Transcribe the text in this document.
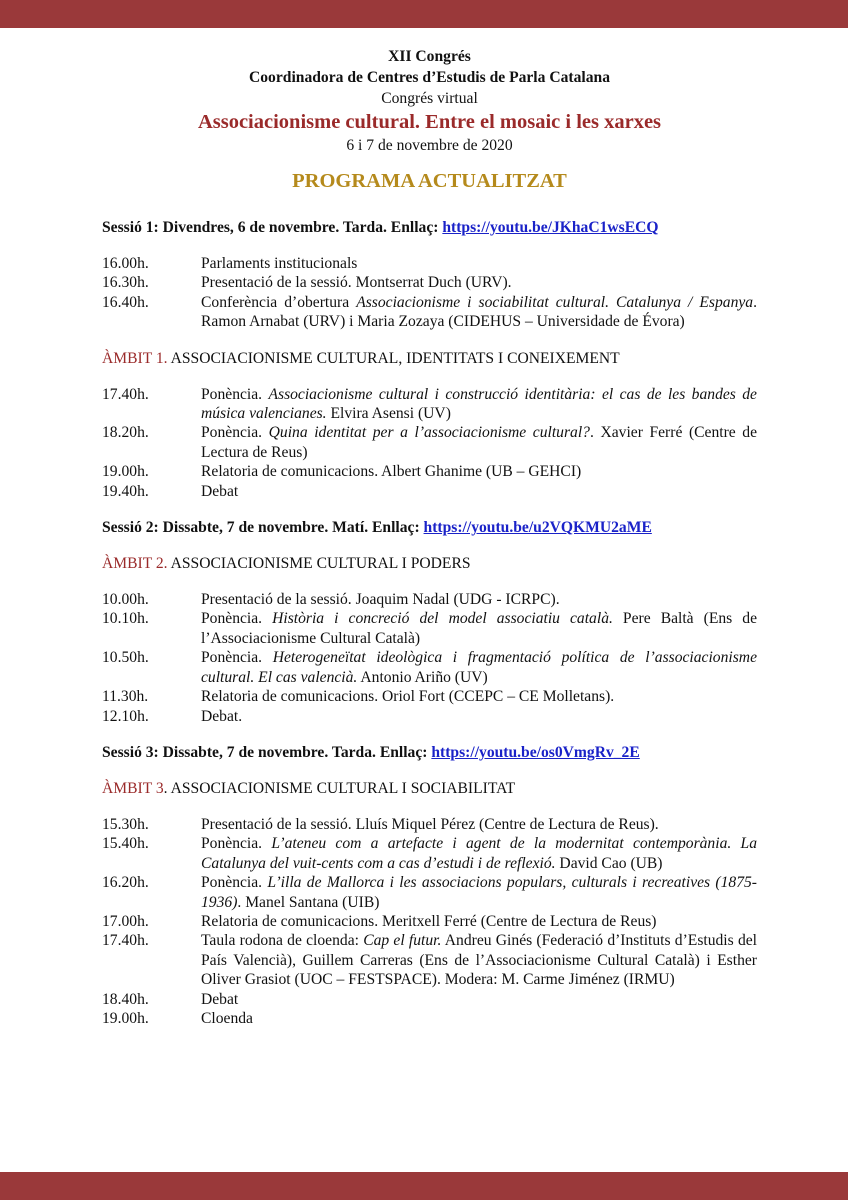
XII Congrés
Coordinadora de Centres d’Estudis de Parla Catalana
Congrés virtual
Associacionisme cultural. Entre el mosaic i les xarxes
6 i 7 de novembre de 2020
PROGRAMA ACTUALITZAT
Sessió 1: Divendres, 6 de novembre. Tarda. Enllaç: https://youtu.be/JKhaC1wsECQ
16.00h.	Parlaments institucionals
16.30h.	Presentació de la sessió. Montserrat Duch (URV).
16.40h.	Conferència d’obertura Associacionisme i sociabilitat cultural. Catalunya / Espanya. Ramon Arnabat (URV) i Maria Zozaya (CIDEHUS – Universidade de Évora)
ÀMBIT 1. ASSOCIACIONISME CULTURAL, IDENTITATS I CONEIXEMENT
17.40h.	Ponència. Associacionisme cultural i construcció identitària: el cas de les bandes de música valencianes. Elvira Asensi (UV)
18.20h.	Ponència. Quina identitat per a l’associacionisme cultural?. Xavier Ferré (Centre de Lectura de Reus)
19.00h.	Relatoria de comunicacions. Albert Ghanime (UB – GEHCI)
19.40h.	Debat
Sessió 2: Dissabte, 7 de novembre. Matí. Enllaç: https://youtu.be/u2VQKMU2aME
ÀMBIT 2. ASSOCIACIONISME CULTURAL I PODERS
10.00h.	Presentació de la sessió. Joaquim Nadal (UDG - ICRPC).
10.10h.	Ponència. Història i concreció del model associatiu català. Pere Baltà (Ens de l’Associacionisme Cultural Català)
10.50h.	Ponència. Heterogeneïtat ideològica i fragmentació política de l’associacionisme cultural. El cas valencià. Antonio Ariño (UV)
11.30h.	Relatoria de comunicacions. Oriol Fort (CCEPC – CE Molletans).
12.10h.	Debat.
Sessió 3: Dissabte, 7 de novembre. Tarda. Enllaç: https://youtu.be/os0VmgRv_2E
ÀMBIT 3. ASSOCIACIONISME CULTURAL I SOCIABILITAT
15.30h.	Presentació de la sessió. Lluís Miquel Pérez (Centre de Lectura de Reus).
15.40h.	Ponència. L’ateneu com a artefacte i agent de la modernitat contemporània. La Catalunya del vuit-cents com a cas d’estudi i de reflexió. David Cao (UB)
16.20h.	Ponència. L’illa de Mallorca i les associacions populars, culturals i recreatives (1875-1936). Manel Santana (UIB)
17.00h.	Relatoria de comunicacions. Meritxell Ferré (Centre de Lectura de Reus)
17.40h.	Taula rodona de cloenda: Cap el futur. Andreu Ginés (Federació d’Instituts d’Estudis del País Valencià), Guillem Carreras (Ens de l’Associacionisme Cultural Català) i Esther Oliver Grasiot (UOC – FESTSPACE). Modera: M. Carme Jiménez (IRMU)
18.40h.	Debat
19.00h.	Cloenda
